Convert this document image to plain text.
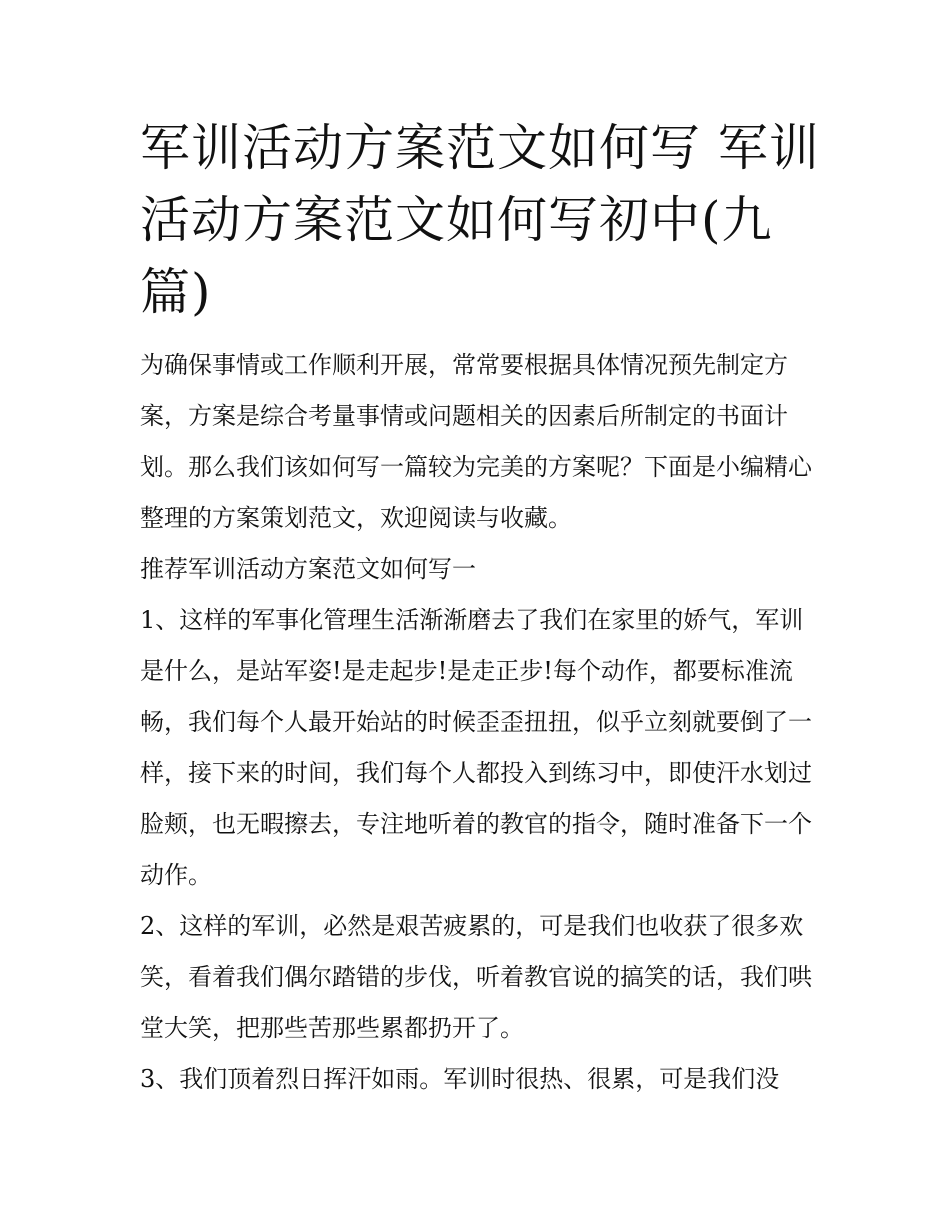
军训活动方案范文如何写 军训活动方案范文如何写初中(九篇)

为确保事情或工作顺利开展，常常要根据具体情况预先制定方案，方案是综合考量事情或问题相关的因素后所制定的书面计划。那么我们该如何写一篇较为完美的方案呢？下面是小编精心整理的方案策划范文，欢迎阅读与收藏。

推荐军训活动方案范文如何写一

1、这样的军事化管理生活渐渐磨去了我们在家里的娇气，军训是什么，是站军姿!是走起步!是走正步!每个动作，都要标准流畅，我们每个人最开始站的时候歪歪扭扭，似乎立刻就要倒了一样，接下来的时间，我们每个人都投入到练习中，即使汗水划过脸颊，也无暇擦去，专注地听着的教官的指令，随时准备下一个动作。

2、这样的军训，必然是艰苦疲累的，可是我们也收获了很多欢笑，看着我们偶尔踏错的步伐，听着教官说的搞笑的话，我们哄堂大笑，把那些苦那些累都扔开了。

3、我们顶着烈日挥汗如雨。军训时很热、很累，可是我们没
